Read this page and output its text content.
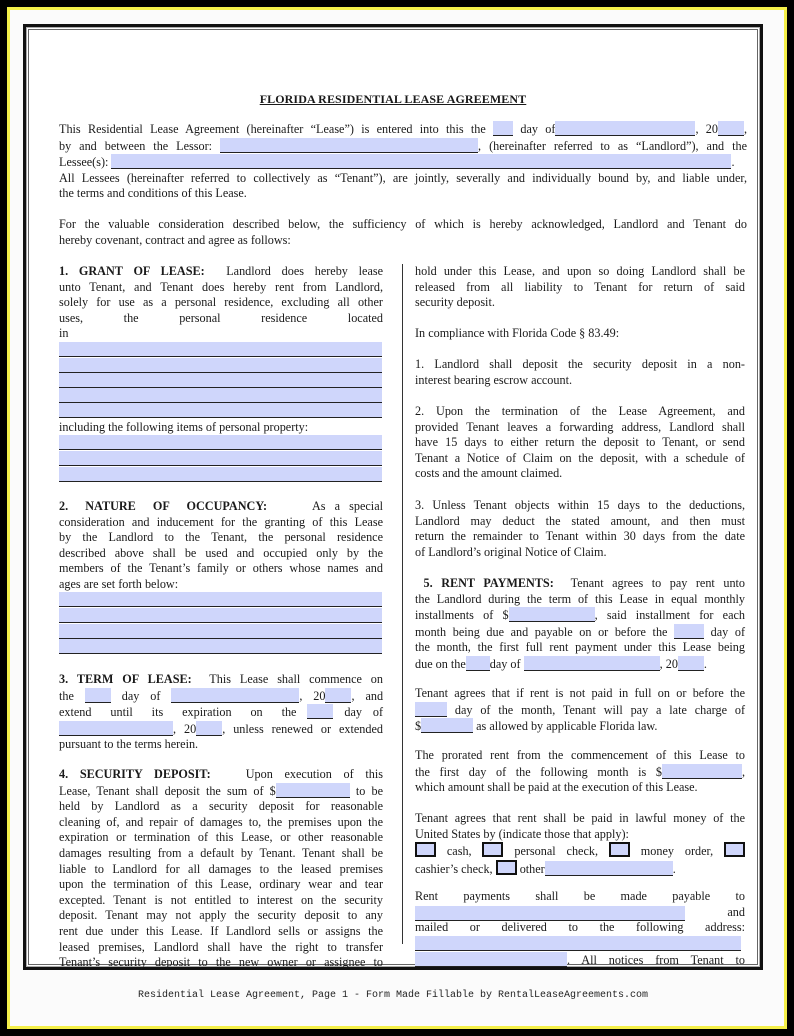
FLORIDA RESIDENTIAL LEASE AGREEMENT
This Residential Lease Agreement (hereinafter “Lease”) is entered into this the	day of	, 20 ,
by and between the Lessor:	, (hereinafter referred to as “Landlord”), and the
Lessee(s):	.
All Lessees (hereinafter referred to collectively as “Tenant”), are jointly, severally and individually bound by, and liable under,
the terms and conditions of this Lease.
For the valuable consideration described below, the sufficiency of which is hereby acknowledged, Landlord and Tenant do
hereby covenant, contract and agree as follows:
1. GRANT OF LEASE: Landlord does hereby lease
unto Tenant, and Tenant does hereby rent from Landlord,
solely for use as a personal residence, excluding all other
uses, the personal residence located in
including the following items of personal property:
2. NATURE OF OCCUPANCY:	As a special
consideration and inducement for the granting of this Lease
by the Landlord to the Tenant, the personal residence
described above shall be used and occupied only by the
members of the Tenant’s family or others whose names and
ages are set forth below:
3. TERM OF LEASE: This Lease shall commence on
the	day of	, 20 , and
extend until its expiration on the	day of
, 20 , unless renewed or extended
pursuant to the terms herein.
4. SECURITY DEPOSIT:	Upon execution of this
Lease, Tenant shall deposit the sum of $	to be
held by Landlord as a security deposit for reasonable
cleaning of, and repair of damages to, the premises upon the
expiration or termination of this Lease, or other reasonable
damages resulting from a default by Tenant. Tenant shall be
liable to Landlord for all damages to the leased premises
upon the termination of this Lease, ordinary wear and tear
excepted. Tenant is not entitled to interest on the security
deposit. Tenant may not apply the security deposit to any
rent due under this Lease. If Landlord sells or assigns the
leased premises, Landlord shall have the right to transfer
Tenant’s security deposit to the new owner or assignee to
hold under this Lease, and upon so doing Landlord shall be
released from all liability to Tenant for return of said
security deposit.
In compliance with Florida Code § 83.49:
1. Landlord shall deposit the security deposit in a non-
interest bearing escrow account.
2. Upon the termination of the Lease Agreement, and
provided Tenant leaves a forwarding address, Landlord shall
have 15 days to either return the deposit to Tenant, or send
Tenant a Notice of Claim on the deposit, with a schedule of
costs and the amount claimed.
3. Unless Tenant objects within 15 days to the deductions,
Landlord may deduct the stated amount, and then must
return the remainder to Tenant within 30 days from the date
of Landlord’s original Notice of Claim.
5. RENT PAYMENTS: Tenant agrees to pay rent unto
the Landlord during the term of this Lease in equal monthly
installments of $	, said installment for each
month being due and payable on or before the	day of
the month, the first full rent payment under this Lease being
due on the day of	, 20 .
Tenant agrees that if rent is not paid in full on or before the
day of the month, Tenant will pay a late charge of
$	as allowed by applicable Florida law.
The prorated rent from the commencement of this Lease to
the first day of the following month is $	,
which amount shall be paid at the execution of this Lease.
Tenant agrees that rent shall be paid in lawful money of the
United States by (indicate those that apply):
cash,	personal check,	money order,
cashier’s check, other	.
Rent payments shall be made payable to
and
mailed or delivered to the following address:
. All notices from Tenant to
Residential Lease Agreement, Page 1 - Form Made Fillable by RentalLeaseAgreements.com
